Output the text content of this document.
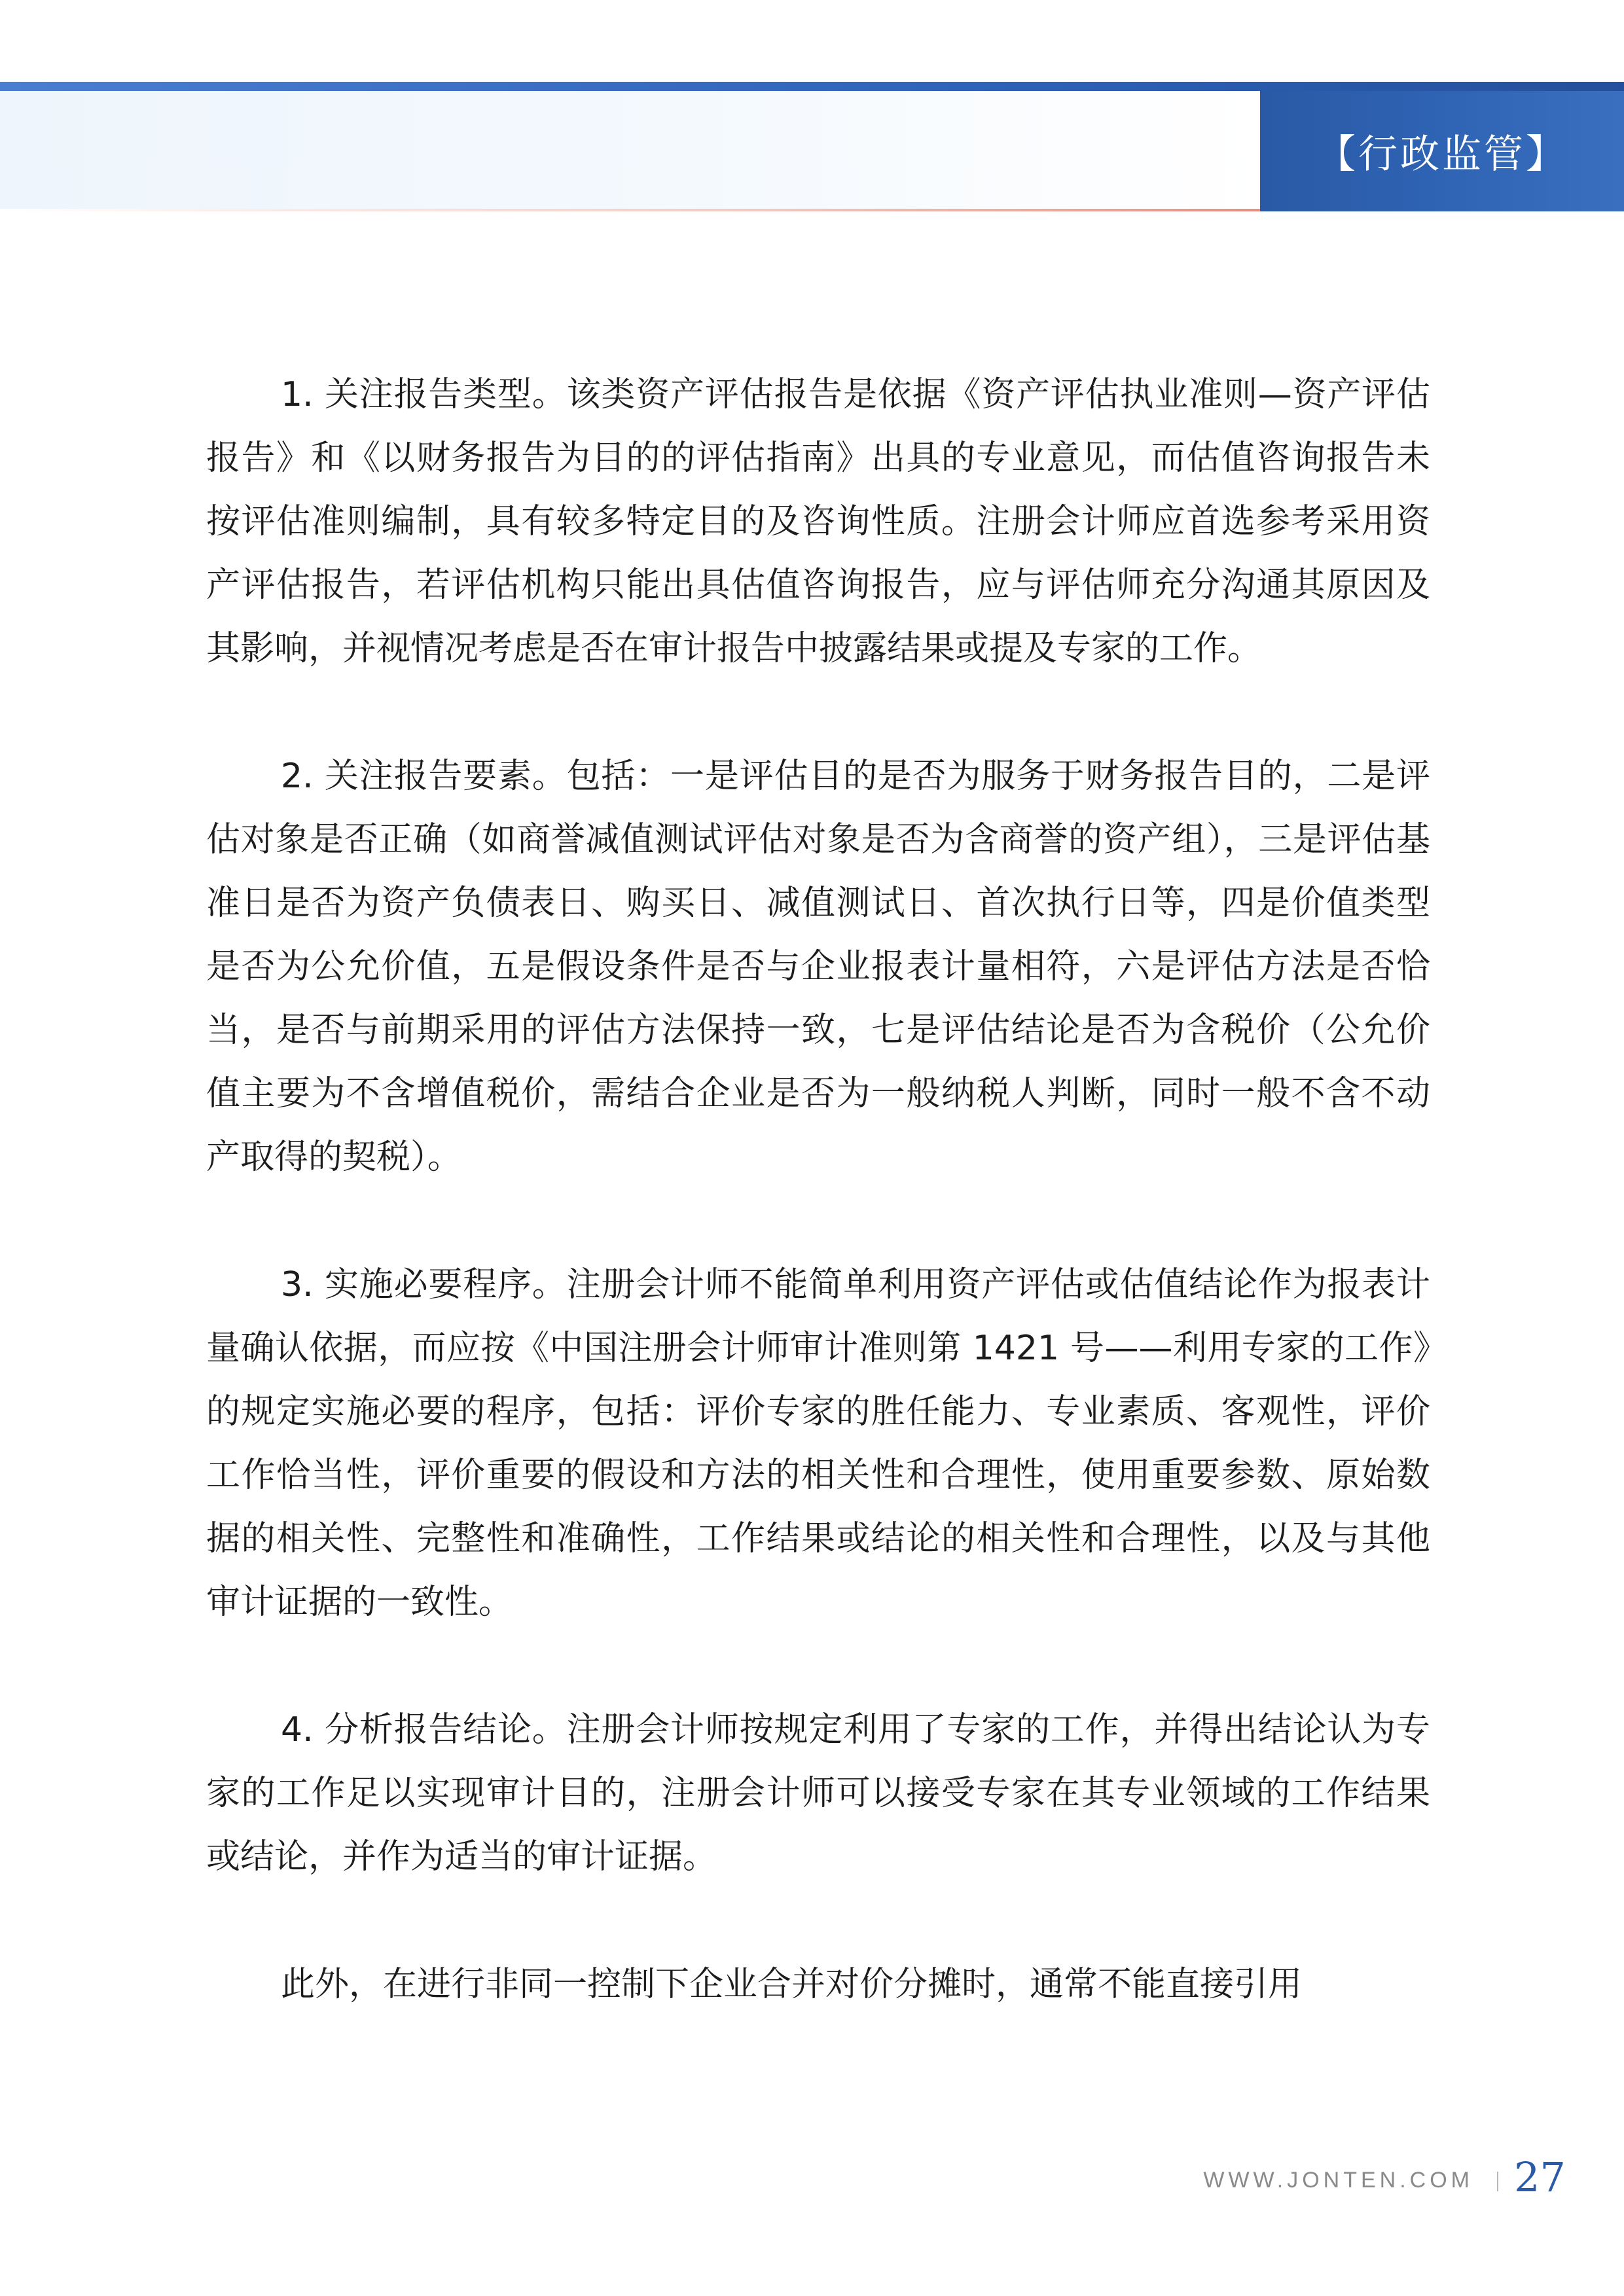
【行政监管】

1. 关注报告类型。该类资产评估报告是依据《资产评估执业准则—资产评估报告》和《以财务报告为目的的评估指南》出具的专业意见，而估值咨询报告未按评估准则编制，具有较多特定目的及咨询性质。注册会计师应首选参考采用资产评估报告，若评估机构只能出具估值咨询报告，应与评估师充分沟通其原因及其影响，并视情况考虑是否在审计报告中披露结果或提及专家的工作。

2. 关注报告要素。包括：一是评估目的是否为服务于财务报告目的，二是评估对象是否正确（如商誉减值测试评估对象是否为含商誉的资产组），三是评估基准日是否为资产负债表日、购买日、减值测试日、首次执行日等，四是价值类型是否为公允价值，五是假设条件是否与企业报表计量相符，六是评估方法是否恰当，是否与前期采用的评估方法保持一致，七是评估结论是否为含税价（公允价值主要为不含增值税价，需结合企业是否为一般纳税人判断，同时一般不含不动产取得的契税）。

3. 实施必要程序。注册会计师不能简单利用资产评估或估值结论作为报表计量确认依据，而应按《中国注册会计师审计准则第 1421 号——利用专家的工作》的规定实施必要的程序，包括：评价专家的胜任能力、专业素质、客观性，评价工作恰当性，评价重要的假设和方法的相关性和合理性，使用重要参数、原始数据的相关性、完整性和准确性，工作结果或结论的相关性和合理性，以及与其他审计证据的一致性。

4. 分析报告结论。注册会计师按规定利用了专家的工作，并得出结论认为专家的工作足以实现审计目的，注册会计师可以接受专家在其专业领域的工作结果或结论，并作为适当的审计证据。

此外，在进行非同一控制下企业合并对价分摊时，通常不能直接引用

WWW.JONTEN.COM 27
